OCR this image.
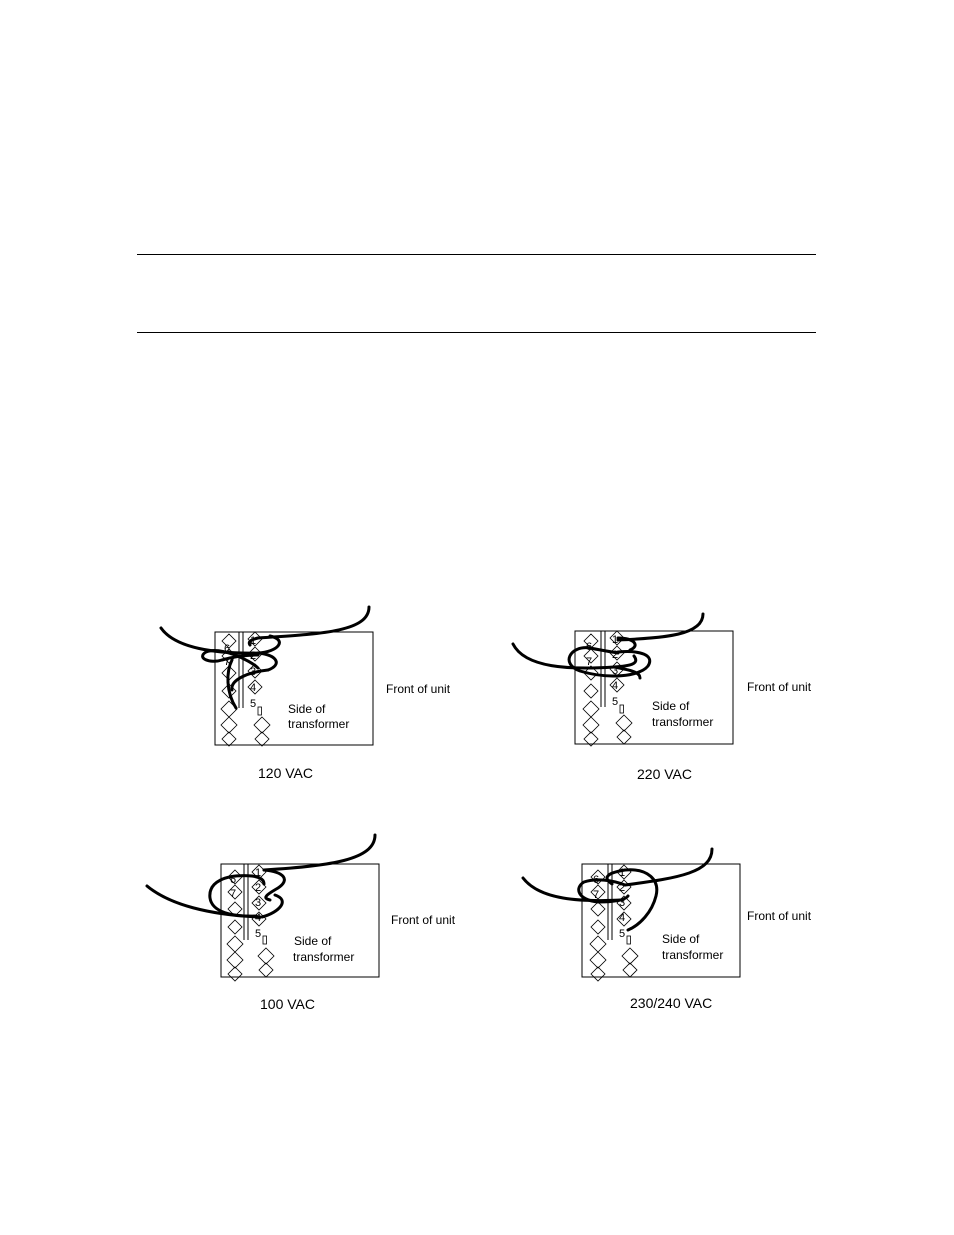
1
2
3
4
5
6
7
Side of
transformer
Front of unit
120 VAC
1
2
3
4
5
6
7
Side of
transformer
Front of unit
220 VAC
1
2
3
4
5
6
7
Side of
transformer
Front of unit
100 VAC
1
2
3
4
5
6
7
Side of
transformer
Front of unit
230/240 VAC
